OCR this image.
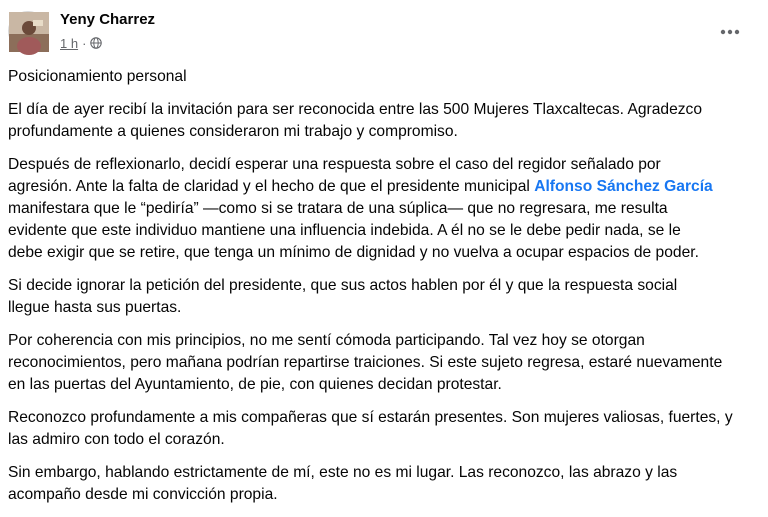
Yeny Charrez
1 h ·

Posicionamiento personal

El día de ayer recibí la invitación para ser reconocida entre las 500 Mujeres Tlaxcaltecas. Agradezco
profundamente a quienes consideraron mi trabajo y compromiso.

Después de reflexionarlo, decidí esperar una respuesta sobre el caso del regidor señalado por
agresión. Ante la falta de claridad y el hecho de que el presidente municipal Alfonso Sánchez García
manifestara que le “pediría” —como si se tratara de una súplica— que no regresara, me resulta
evidente que este individuo mantiene una influencia indebida. A él no se le debe pedir nada, se le
debe exigir que se retire, que tenga un mínimo de dignidad y no vuelva a ocupar espacios de poder.

Si decide ignorar la petición del presidente, que sus actos hablen por él y que la respuesta social
llegue hasta sus puertas.

Por coherencia con mis principios, no me sentí cómoda participando. Tal vez hoy se otorgan
reconocimientos, pero mañana podrían repartirse traiciones. Si este sujeto regresa, estaré nuevamente
en las puertas del Ayuntamiento, de pie, con quienes decidan protestar.

Reconozco profundamente a mis compañeras que sí estarán presentes. Son mujeres valiosas, fuertes, y
las admiro con todo el corazón.

Sin embargo, hablando estrictamente de mí, este no es mi lugar. Las reconozco, las abrazo y las
acompaño desde mi convicción propia.
